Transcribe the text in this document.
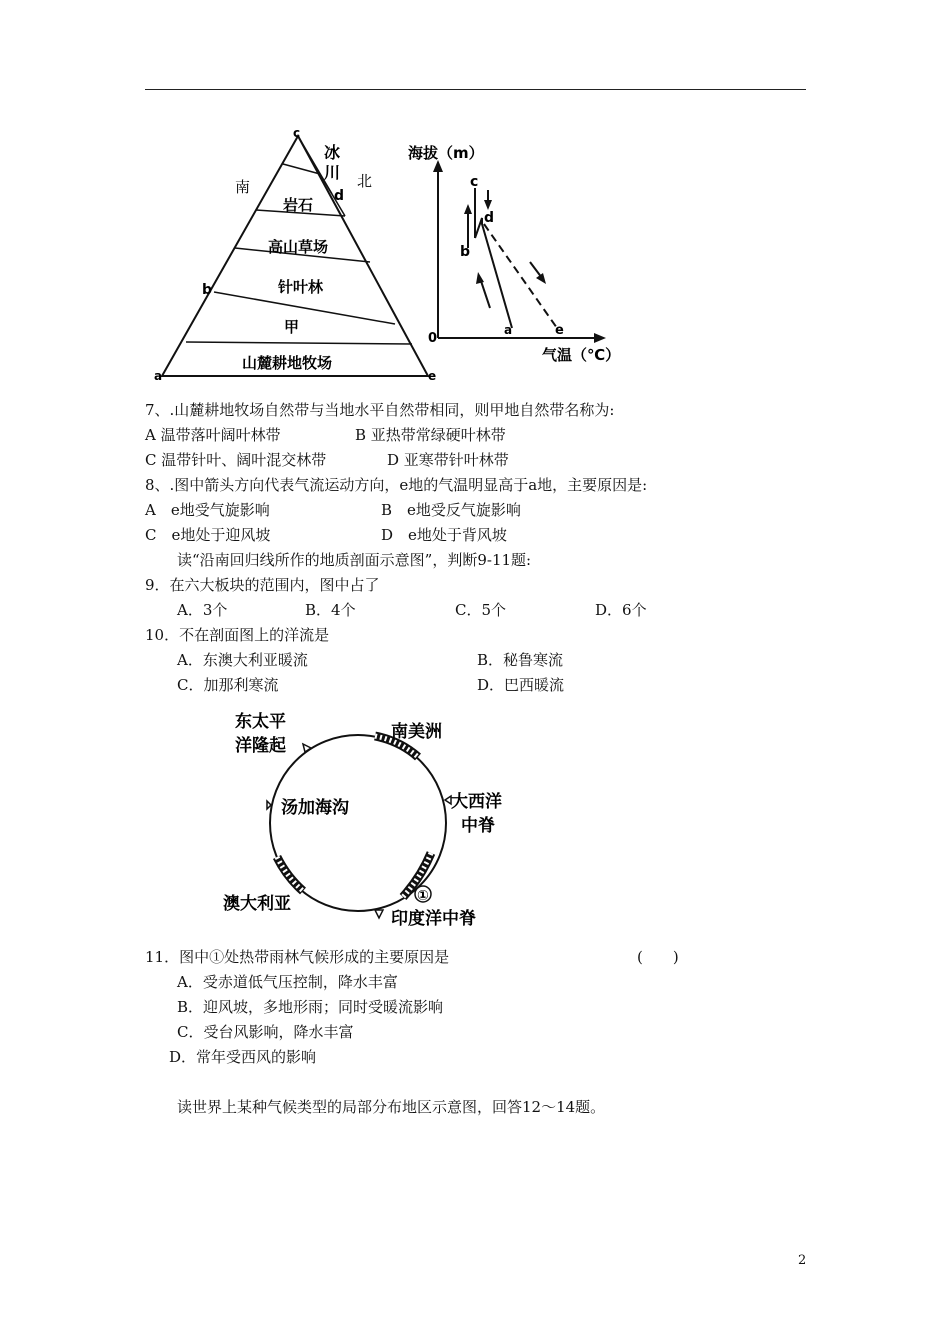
南	北
冰
川
岩石
高山草场
针叶林
甲
山麓耕地牧场
c
d
b
a	e
海拔（m）
气温（℃）
0
c
d
b
a	e
7、.山麓耕地牧场自然带与当地水平自然带相同，则甲地自然带名称为:
A 温带落叶阔叶林带	B 亚热带常绿硬叶林带
C 温带针叶、阔叶混交林带	D 亚寒带针叶林带
8、.图中箭头方向代表气流运动方向，e地的气温明显高于a地，主要原因是:
A　e地受气旋影响	B　e地受反气旋影响
C　e地处于迎风坡	D　e地处于背风坡
读“沿南回归线所作的地质剖面示意图”，判断9-11题:
9．在六大板块的范围内，图中占了
A．3个	B．4个	C．5个	D．6个
10．不在剖面图上的洋流是
A．东澳大利亚暖流	B．秘鲁寒流
C．加那利寒流	D．巴西暖流
东太平
洋隆起
南美洲
汤加海沟	大西洋
中脊
澳大利亚
印度洋中脊
①
11．图中①处热带雨林气候形成的主要原因是	(　　)
A．受赤道低气压控制，降水丰富
B．迎风坡，多地形雨；同时受暖流影响
C．受台风影响，降水丰富
D．常年受西风的影响
读世界上某种气候类型的局部分布地区示意图，回答12～14题。
2
